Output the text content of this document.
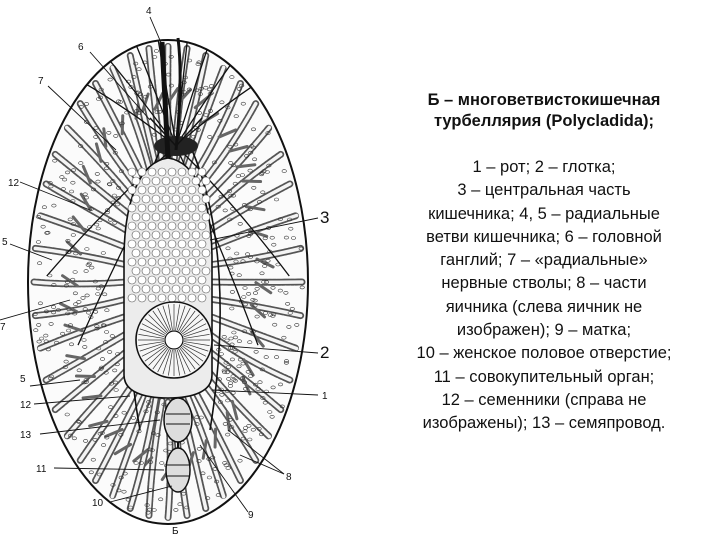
4
6
7
12
3
5
7
2
1
5
12
13
11
8
10
9
Б

Б – многоветвистокишечная
турбеллярия (Polycladida);

1 – рот; 2 – глотка;
3 – центральная часть
кишечника; 4, 5 – радиальные
ветви кишечника; 6 – головной
ганглий; 7 – «радиальные»
нервные стволы; 8 – части
яичника (слева яичник не
изображен); 9 – матка;
10 – женское половое отверстие;
11 – совокупительный орган;
12 – семенники (справа не
изображены); 13 – семяпровод.
